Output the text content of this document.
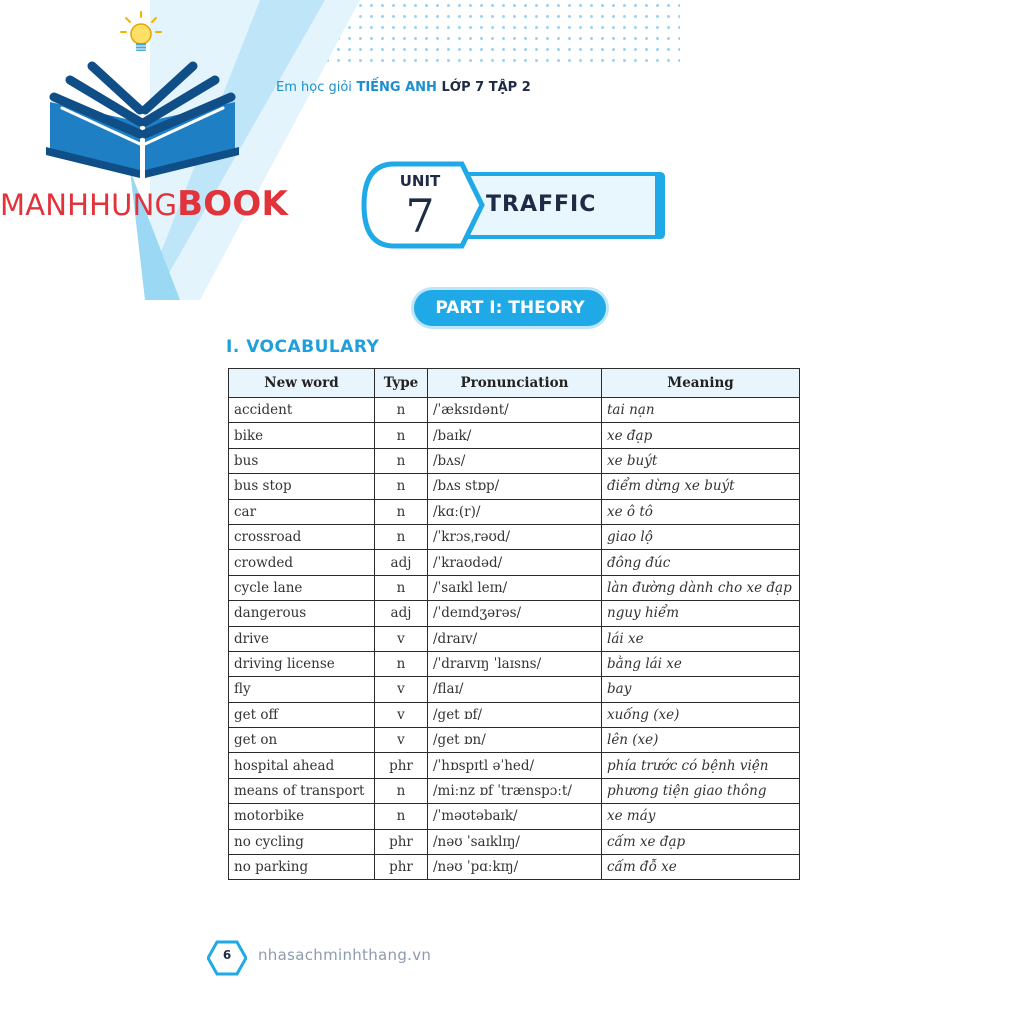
MANHHUNGBOOK
Em học giỏi TIẾNG ANH LỚP 7 TẬP 2
UNIT
7	TRAFFIC
PART I: THEORY
I. VOCABULARY
New word	Type	Pronunciation	Meaning
accident	n	/ˈæksɪdənt/	tai nạn
bike	n	/baɪk/	xe đạp
bus	n	/bʌs/	xe buýt
bus stop	n	/bʌs stɒp/	điểm dừng xe buýt
car	n	/kɑː(r)/	xe ô tô
crossroad	n	/ˈkrɔsˌrəʊd/	giao lộ
crowded	adj	/ˈkraʊdəd/	đông đúc
cycle lane	n	/ˈsaɪkl leɪn/	làn đường dành cho xe đạp
dangerous	adj	/ˈdeɪndʒərəs/	nguy hiểm
drive	v	/draɪv/	lái xe
driving license	n	/ˈdraɪvɪŋ ˈlaɪsns/	bằng lái xe
fly	v	/flaɪ/	bay
get off	v	/get ɒf/	xuống (xe)
get on	v	/get ɒn/	lên (xe)
hospital ahead	phr	/ˈhɒspɪtl əˈhed/	phía trước có bệnh viện
means of transport	n	/miːnz ɒf ˈtrænspɔːt/	phương tiện giao thông
motorbike	n	/ˈməʊtəbaɪk/	xe máy
no cycling	phr	/nəʊ ˈsaɪklɪŋ/	cấm xe đạp
no parking	phr	/nəʊ ˈpɑːkɪŋ/	cấm đỗ xe
6	nhasachminhthang.vn
